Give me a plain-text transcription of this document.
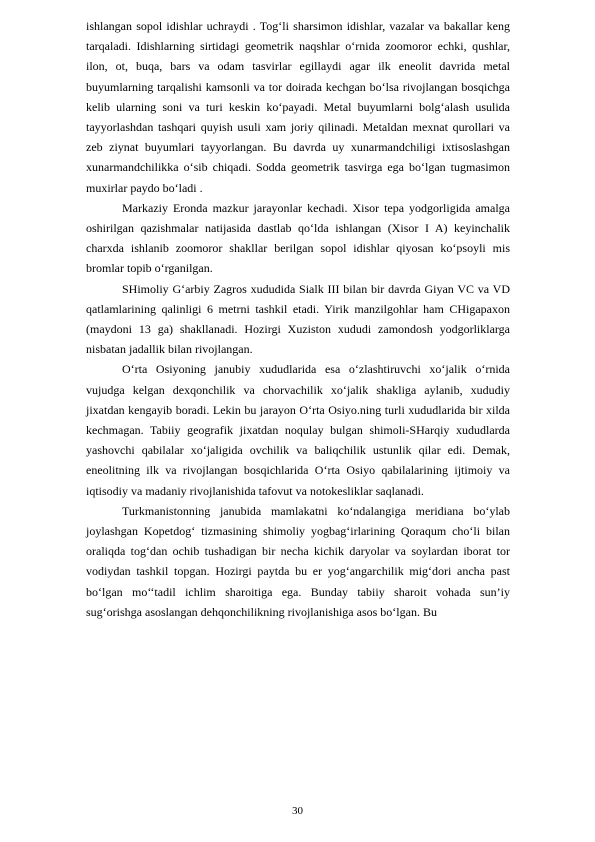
ishlangan sopol idishlar uchraydi . Tog‘li sharsimon idishlar, vazalar va bakallar keng tarqaladi. Idishlarning sirtidagi geometrik naqshlar o‘rnida zoomoror echki, qushlar, ilon, ot, buqa, bars va odam tasvirlar egillaydi agar ilk eneolit davrida metal buyumlarning tarqalishi kamsonli va tor doirada kechgan bo‘lsa rivojlangan bosqichga kelib ularning soni va turi keskin ko‘payadi. Metal buyumlarni bolg‘alash usulida tayyorlashdan tashqari quyish usuli xam joriy qilinadi. Metaldan mexnat qurollari va zeb ziynat buyumlari tayyorlangan. Bu davrda uy xunarmandchiligi ixtisoslashgan xunarmandchilikka o‘sib chiqadi. Sodda geometrik tasvirga ega bo‘lgan tugmasimon muxirlar paydo bo‘ladi .

Markaziy Eronda mazkur jarayonlar kechadi. Xisor tepa yodgorligida amalga oshirilgan qazishmalar natijasida dastlab qo‘lda ishlangan (Xisor I A) keyinchalik charxda ishlanib zoomoror shakllar berilgan sopol idishlar qiyosan ko‘psoyli mis bromlar topib o‘rganilgan.

SHimoliy G‘arbiy Zagros xududida Sialk III bilan bir davrda Giyan VC va VD qatlamlarining qalinligi 6 metrni tashkil etadi. Yirik manzilgohlar ham CHigapaxon (maydoni 13 ga) shakllanadi. Hozirgi Xuziston xududi zamondosh yodgorliklarga nisbatan jadallik bilan rivojlangan.

O‘rta Osiyoning janubiy xududlarida esa o‘zlashtiruvchi xo‘jalik o‘rnida vujudga kelgan dexqonchilik va chorvachilik xo‘jalik shakliga aylanib, xududiy jixatdan kengayib boradi. Lekin bu jarayon O‘rta Osiyo.ning turli xududlarida bir xilda kechmagan. Tabiiy geografik jixatdan noqulay bulgan shimoli-SHarqiy xududlarda yashovchi qabilalar xo‘jaligida ovchilik va baliqchilik ustunlik qilar edi. Demak, eneolitning ilk va rivojlangan bosqichlarida O‘rta Osiyo qabilalarining ijtimoiy va iqtisodiy va madaniy rivojlanishida tafovut va notokesliklar saqlanadi.

Turkmanistonning janubida mamlakatni ko‘ndalangiga meridiana bo‘ylab joylashgan Kopetdog‘ tizmasining shimoliy yogbag‘irlarining Qoraqum cho‘li bilan oraliqda tog‘dan ochib tushadigan bir necha kichik daryolar va soylardan iborat tor vodiydan tashkil topgan. Hozirgi paytda bu er yog‘angarchilik mig‘dori ancha past bo‘lgan mo‘‘tadil ichlim sharoitiga ega. Bunday tabiiy sharoit vohada sun’iy sug‘orishga asoslangan dehqonchilikning rivojlanishiga asos bo‘lgan. Bu

30
